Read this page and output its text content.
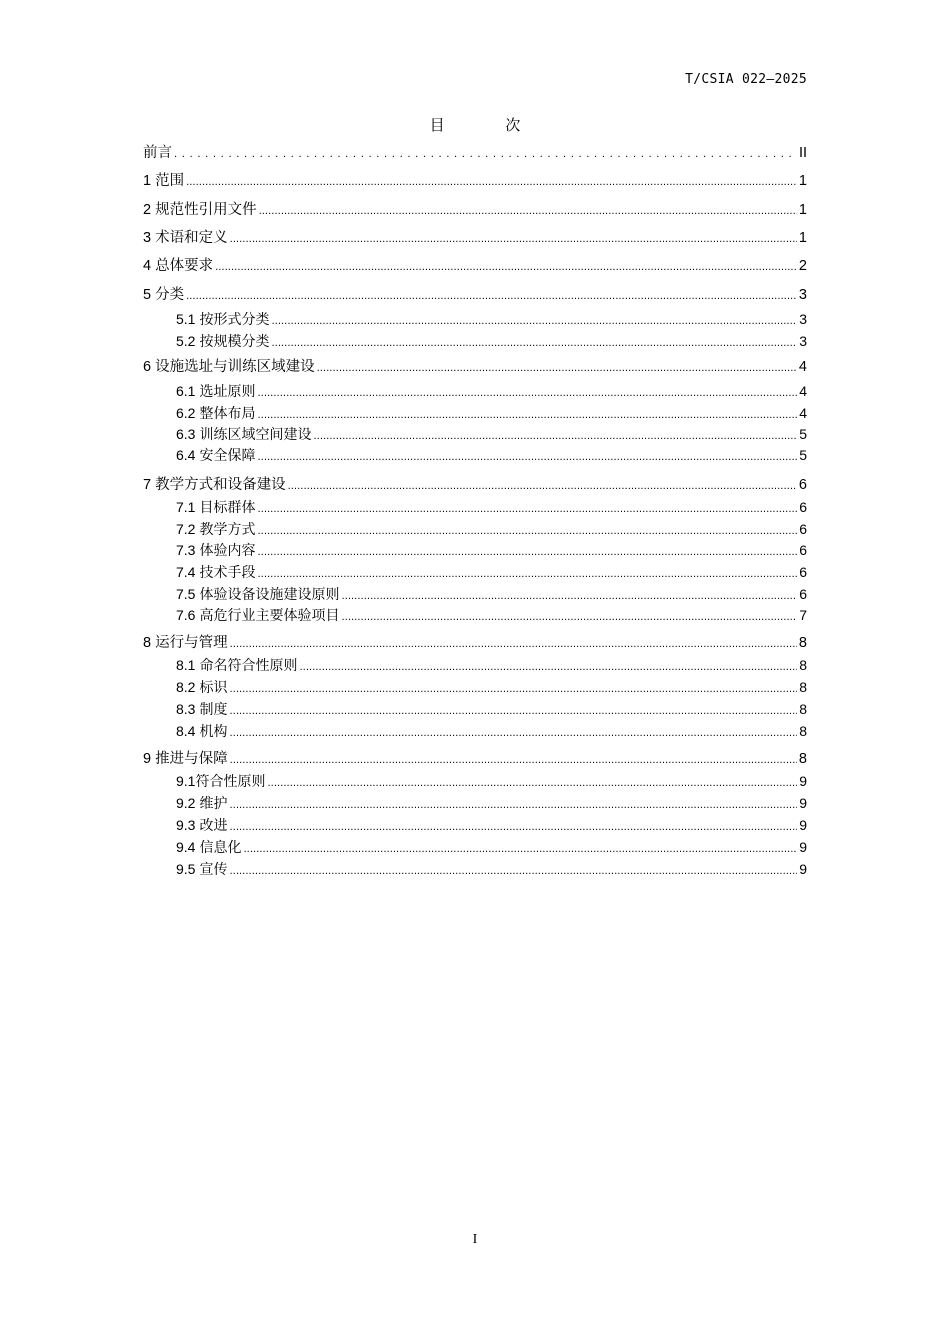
T/CSIA 022—2025
目 次
前言 .....	II
1 范围 .....	1
2 规范性引用文件 .....	1
3 术语和定义 .....	1
4 总体要求 .....	2
5 分类 .....	3
5.1 按形式分类 .....	3
5.2 按规模分类 .....	3
6 设施选址与训练区域建设 .....	4
6.1 选址原则 .....	4
6.2 整体布局 .....	4
6.3 训练区域空间建设 .....	5
6.4 安全保障 .....	5
7 教学方式和设备建设 .....	6
7.1 目标群体 .....	6
7.2 教学方式 .....	6
7.3 体验内容 .....	6
7.4 技术手段 .....	6
7.5 体验设备设施建设原则 .....	6
7.6 高危行业主要体验项目 .....	7
8 运行与管理 .....	8
8.1 命名符合性原则 .....	8
8.2 标识 .....	8
8.3 制度 .....	8
8.4 机构 .....	8
9 推进与保障 .....	8
9.1 符合性原则 .....	9
9.2 维护 .....	9
9.3 改进 .....	9
9.4 信息化 .....	9
9.5 宣传 .....	9
I
